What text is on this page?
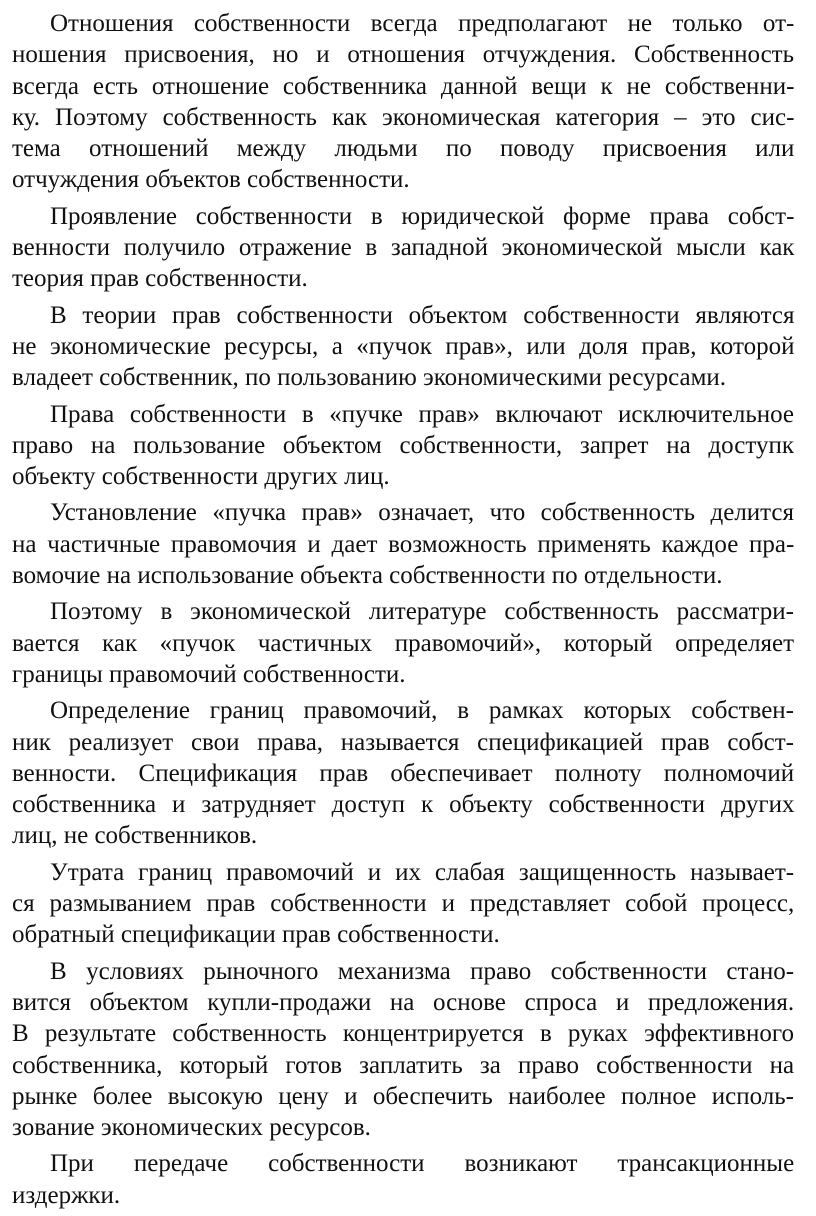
Отношения собственности всегда предполагают не только от-
ношения присвоения, но и отношения отчуждения. Собственность
всегда есть отношение собственника данной вещи к не собственни-
ку. Поэтому собственность как экономическая категория – это сис-
тема отношений между людьми по поводу присвоения или
отчуждения объектов собственности.
Проявление собственности в юридической форме права собст-
венности получило отражение в западной экономической мысли как
теория прав собственности.
В теории прав собственности объектом собственности являются
не экономические ресурсы, а «пучок прав», или доля прав, которой
владеет собственник, по пользованию экономическими ресурсами.
Права собственности в «пучке прав» включают исключительное
право на пользование объектом собственности, запрет на доступк
объекту собственности других лиц.
Установление «пучка прав» означает, что собственность делится
на частичные правомочия и дает возможность применять каждое пра-
вомочие на использование объекта собственности по отдельности.
Поэтому в экономической литературе собственность рассматри-
вается как «пучок частичных правомочий», который определяет
границы правомочий собственности.
Определение границ правомочий, в рамках которых собствен-
ник реализует свои права, называется спецификацией прав собст-
венности. Спецификация прав обеспечивает полноту полномочий
собственника и затрудняет доступ к объекту собственности других
лиц, не собственников.
Утрата границ правомочий и их слабая защищенность называет-
ся размыванием прав собственности и представляет собой процесс,
обратный спецификации прав собственности.
В условиях рыночного механизма право собственности стано-
вится объектом купли-продажи на основе спроса и предложения.
В результате собственность концентрируется в руках эффективного
собственника, который готов заплатить за право собственности на
рынке более высокую цену и обеспечить наиболее полное исполь-
зование экономических ресурсов.
При передаче собственности возникают трансакционные
издержки.
